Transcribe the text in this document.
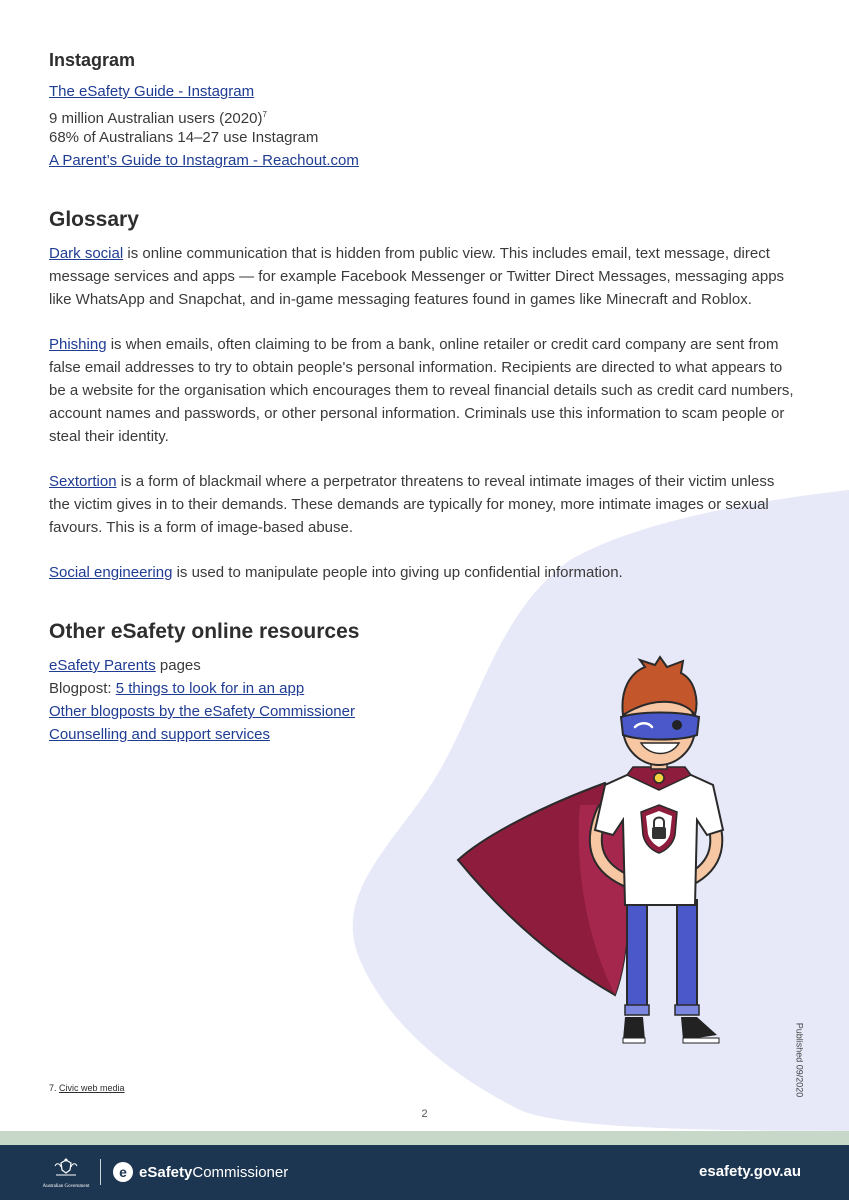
Instagram
The eSafety Guide - Instagram
9 million Australian users $(2020)^7$
68% of Australians 14–27 use Instagram
A Parent’s Guide to Instagram - Reachout.com
Glossary

Dark social is online communication that is hidden from public view. This includes email, text message, direct message services and apps — for example Facebook Messenger or Twitter Direct Messages, messaging apps like WhatsApp and Snapchat, and in-game messaging features found in games like Minecraft and Roblox.

Phishing is when emails, often claiming to be from a bank, online retailer or credit card company are sent from false email addresses to try to obtain people's personal information. Recipients are directed to what appears to be a website for the organisation which encourages them to reveal financial details such as credit card numbers, account names and passwords, or other personal information. Criminals use this information to scam people or steal their identity.

Sextortion is a form of blackmail where a perpetrator threatens to reveal intimate images of their victim unless the victim gives in to their demands. These demands are typically for money, more intimate images or sexual favours. This is a form of image-based abuse.

Social engineering is used to manipulate people into giving up confidential information.

Other eSafety online resources
eSafety Parents pages
Blogpost: 5 things to look for in an app
Other blogposts by the eSafety Commissioner
Counselling and support services
7. Civic web media
2
Published 09/2020
Australian Government
e eSafetyCommissioner	esafety.gov.au
